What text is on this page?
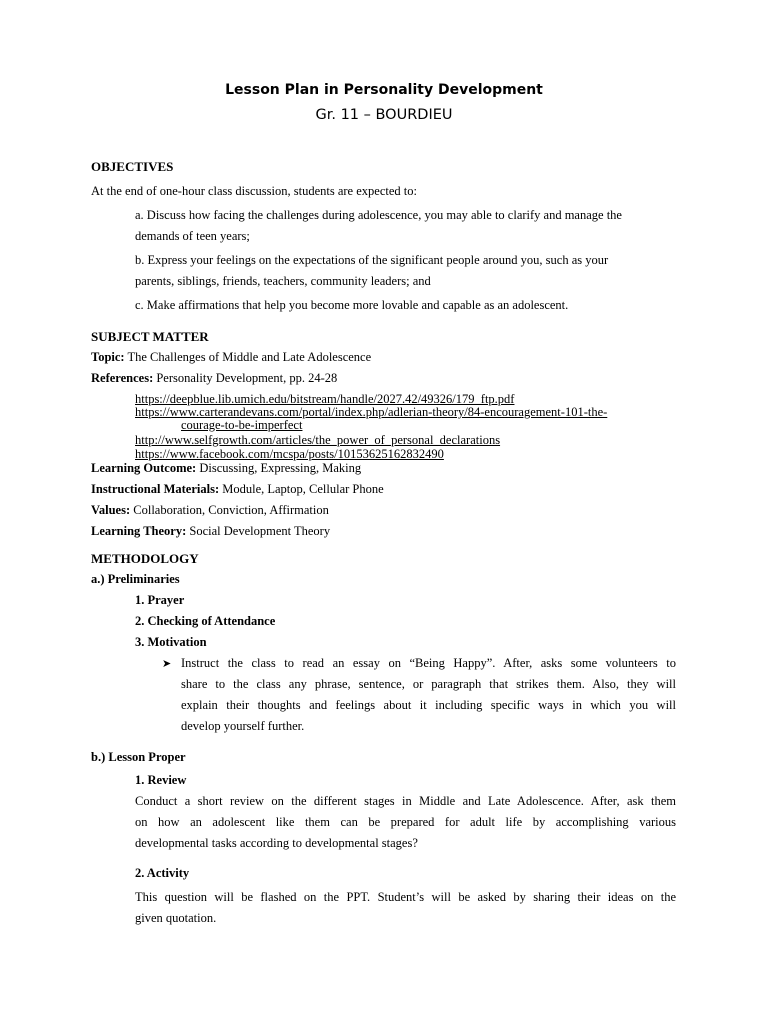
Lesson Plan in Personality Development
Gr. 11 – BOURDIEU
OBJECTIVES
At the end of one-hour class discussion, students are expected to:
a. Discuss how facing the challenges during adolescence, you may able to clarify and manage the
demands of teen years;
b. Express your feelings on the expectations of the significant people around you, such as your
parents, siblings, friends, teachers, community leaders; and
c. Make affirmations that help you become more lovable and capable as an adolescent.
SUBJECT MATTER
Topic: The Challenges of Middle and Late Adolescence
References: Personality Development, pp. 24-28
https://deepblue.lib.umich.edu/bitstream/handle/2027.42/49326/179_ftp.pdf
https://www.carterandevans.com/portal/index.php/adlerian-theory/84-encouragement-101-the-
courage-to-be-imperfect
http://www.selfgrowth.com/articles/the_power_of_personal_declarations
https://www.facebook.com/mcspa/posts/10153625162832490
Learning Outcome: Discussing, Expressing, Making
Instructional Materials: Module, Laptop, Cellular Phone
Values: Collaboration, Conviction, Affirmation
Learning Theory: Social Development Theory
METHODOLOGY
a.) Preliminaries
1. Prayer
2. Checking of Attendance
3. Motivation
➤ Instruct the class to read an essay on “Being Happy”. After, asks some volunteers to
share to the class any phrase, sentence, or paragraph that strikes them. Also, they will
explain their thoughts and feelings about it including specific ways in which you will
develop yourself further.
b.) Lesson Proper
1. Review
Conduct a short review on the different stages in Middle and Late Adolescence. After, ask them
on how an adolescent like them can be prepared for adult life by accomplishing various
developmental tasks according to developmental stages?
2. Activity
This question will be flashed on the PPT. Student’s will be asked by sharing their ideas on the
given quotation.
